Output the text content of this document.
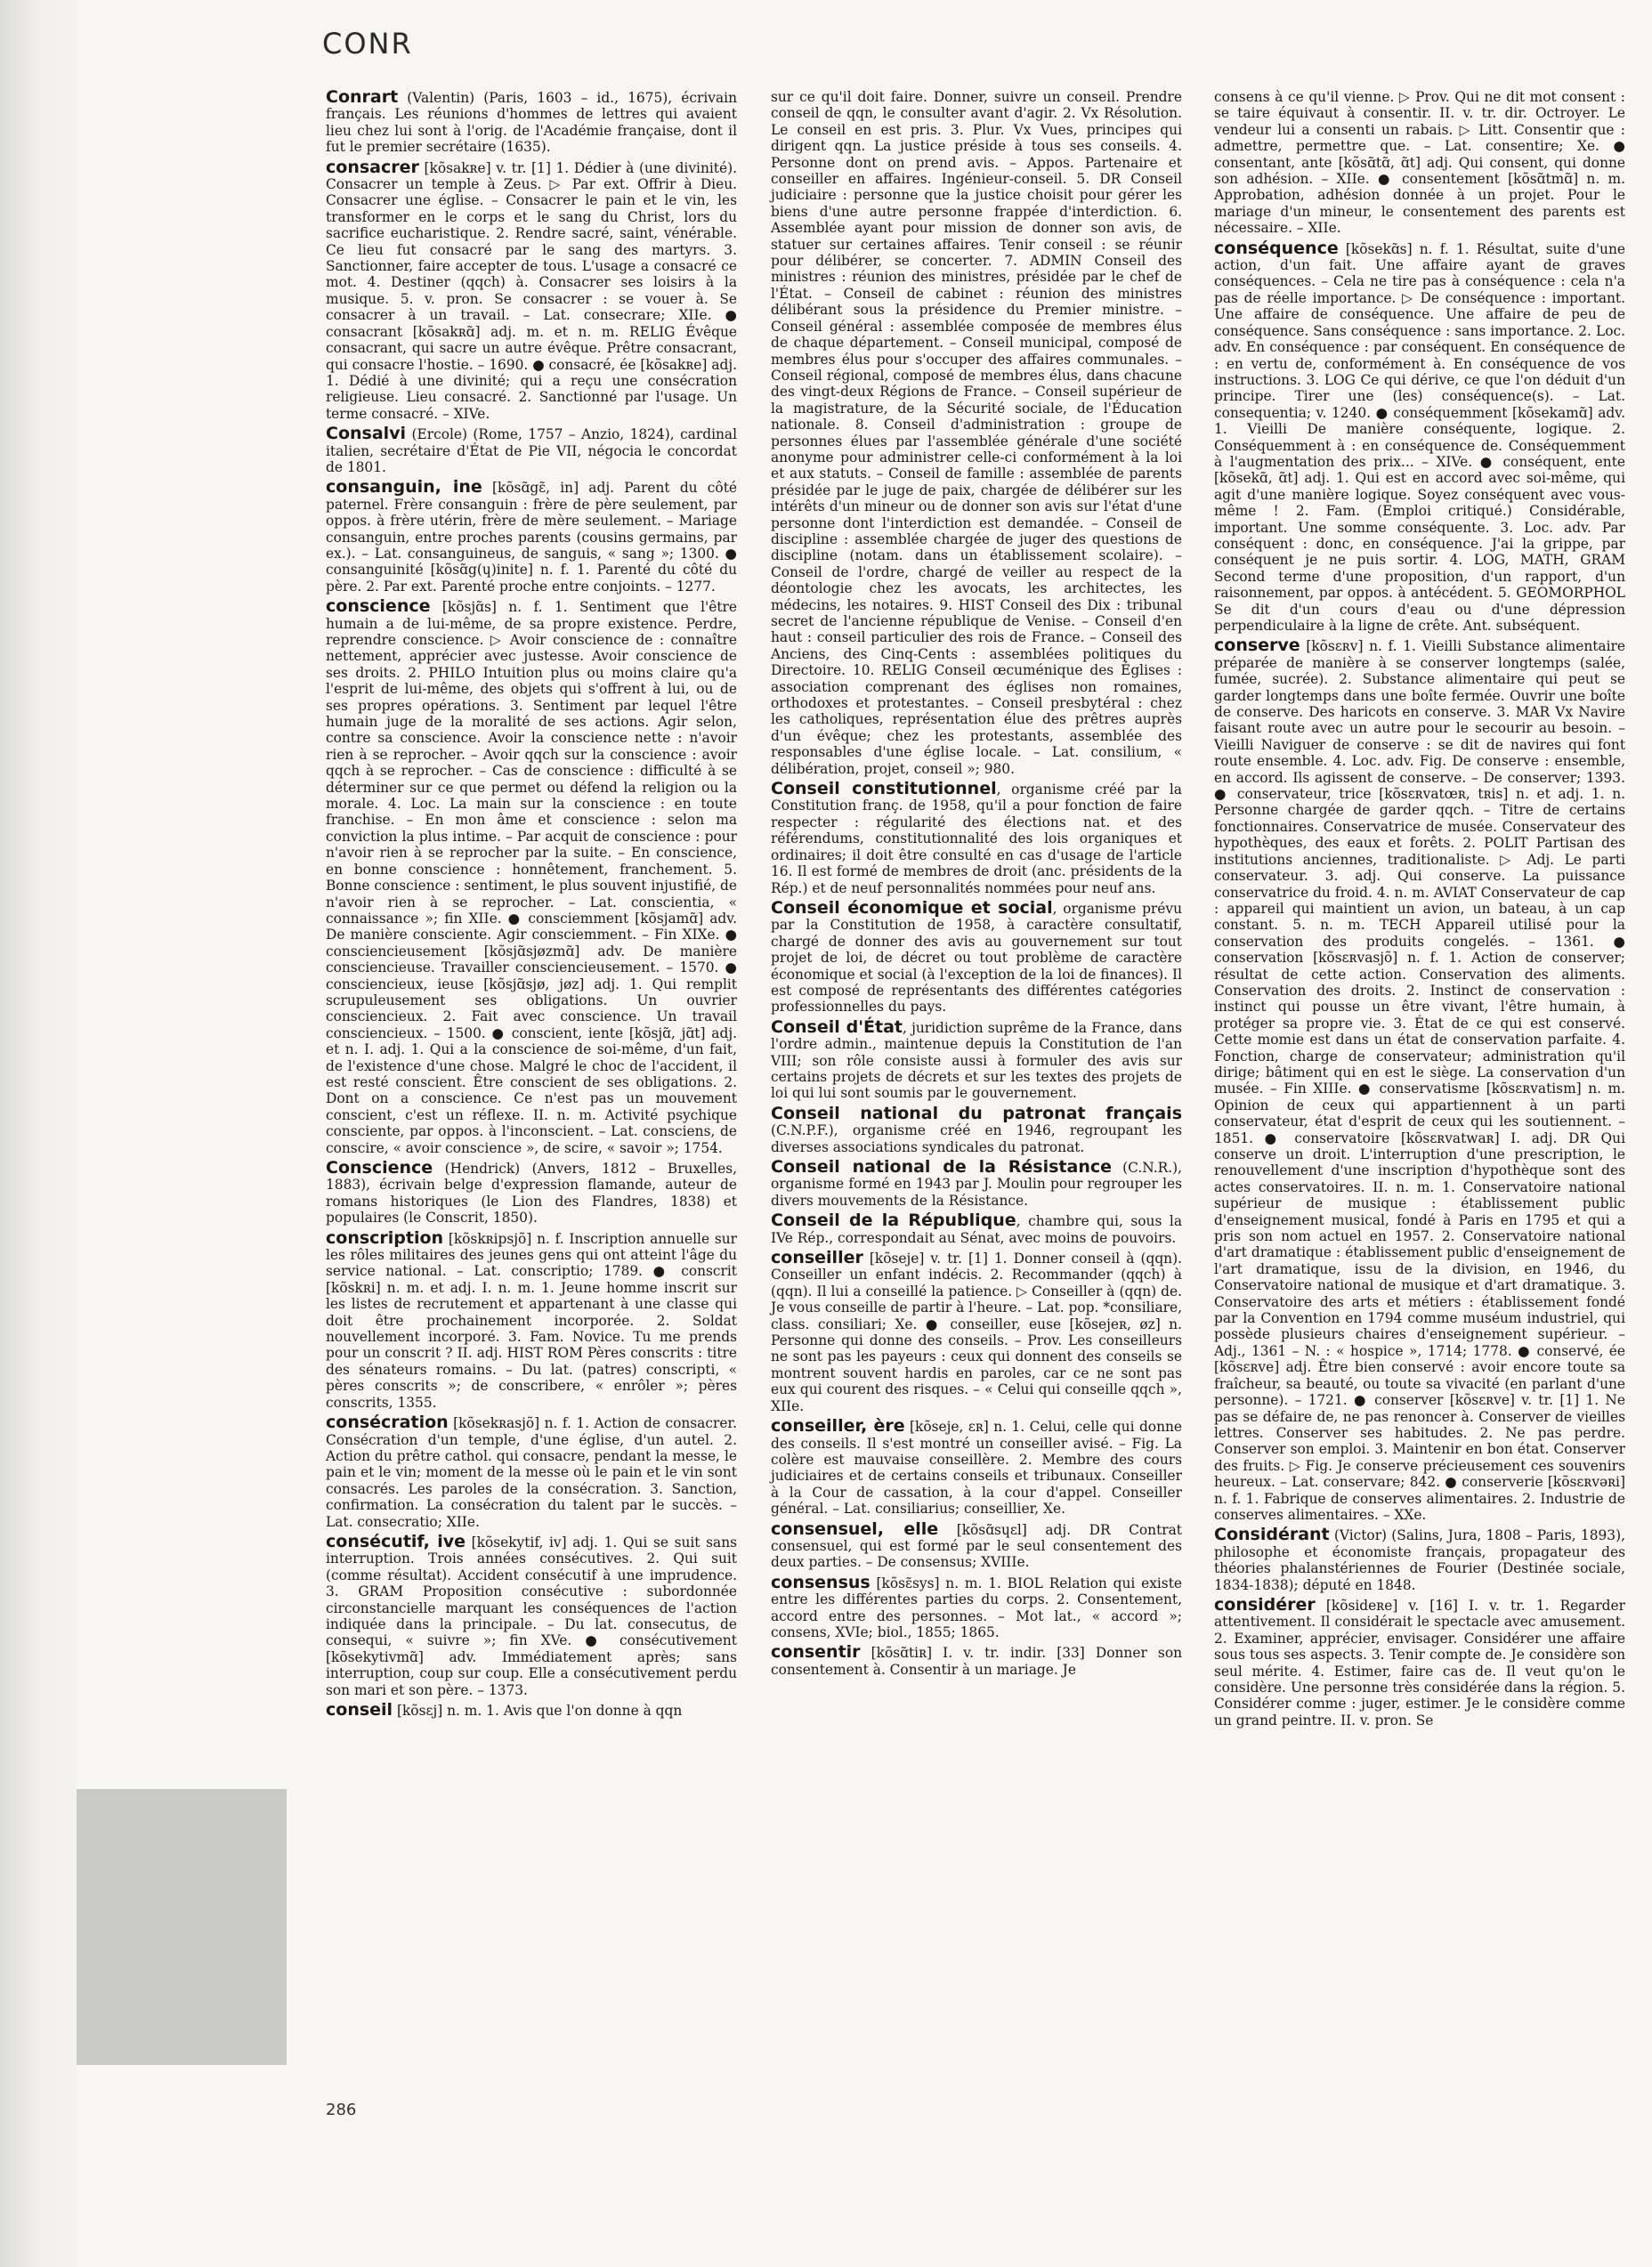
CONR
Conrart (Valentin) (Paris, 1603 – id., 1675), écrivain français. Les réunions d'hommes de lettres qui avaient lieu chez lui sont à l'orig. de l'Académie française, dont il fut le premier secrétaire (1635).
consacrer [kõsakʀe] v. tr. [1] 1. Dédier à (une divinité). Consacrer un temple à Zeus. ▷ Par ext. Offrir à Dieu. Consacrer une église. – Consacrer le pain et le vin, les transformer en le corps et le sang du Christ, lors du sacrifice eucharistique. 2. Rendre sacré, saint, vénérable. Ce lieu fut consacré par le sang des martyrs. 3. Sanctionner, faire accepter de tous. L'usage a consacré ce mot. 4. Destiner (qqch) à. Consacrer ses loisirs à la musique. 5. v. pron. Se consacrer : se vouer à. Se consacrer à un travail. – Lat. consecrare; XIIe. ● consacrant [kõsakʀɑ̃] adj. m. et n. m. RELIG Évêque consacrant, qui sacre un autre évêque. Prêtre consacrant, qui consacre l'hostie. – 1690. ● consacré, ée [kõsakʀe] adj. 1. Dédié à une divinité; qui a reçu une consécration religieuse. Lieu consacré. 2. Sanctionné par l'usage. Un terme consacré. – XIVe.
Consalvi (Ercole) (Rome, 1757 – Anzio, 1824), cardinal italien, secrétaire d'État de Pie VII, négocia le concordat de 1801.
consanguin, ine [kõsɑ̃gɛ̃, in] adj. Parent du côté paternel. Frère consanguin : frère de père seulement, par oppos. à frère utérin, frère de mère seulement. – Mariage consanguin, entre proches parents (cousins germains, par ex.). – Lat. consanguineus, de sanguis, « sang »; 1300. ● consanguinité [kõsɑ̃g(ɥ)inite] n. f. 1. Parenté du côté du père. 2. Par ext. Parenté proche entre conjoints. – 1277.
conscience [kõsjɑ̃s] n. f. 1. Sentiment que l'être humain a de lui-même, de sa propre existence. Perdre, reprendre conscience. ▷ Avoir conscience de : connaître nettement, apprécier avec justesse. Avoir conscience de ses droits. 2. PHILO Intuition plus ou moins claire qu'a l'esprit de lui-même, des objets qui s'offrent à lui, ou de ses propres opérations. 3. Sentiment par lequel l'être humain juge de la moralité de ses actions. Agir selon, contre sa conscience. Avoir la conscience nette : n'avoir rien à se reprocher. – Avoir qqch sur la conscience : avoir qqch à se reprocher. – Cas de conscience : difficulté à se déterminer sur ce que permet ou défend la religion ou la morale. 4. Loc. La main sur la conscience : en toute franchise. – En mon âme et conscience : selon ma conviction la plus intime. – Par acquit de conscience : pour n'avoir rien à se reprocher par la suite. – En conscience, en bonne conscience : honnêtement, franchement. 5. Bonne conscience : sentiment, le plus souvent injustifié, de n'avoir rien à se reprocher. – Lat. conscientia, « connaissance »; fin XIIe. ● consciemment [kõsjamɑ̃] adv. De manière consciente. Agir consciemment. – Fin XIXe. ● consciencieusement [kõsjɑ̃sjøzmɑ̃] adv. De manière consciencieuse. Travailler consciencieusement. – 1570. ● consciencieux, ieuse [kõsjɑ̃sjø, jøz] adj. 1. Qui remplit scrupuleusement ses obligations. Un ouvrier consciencieux. 2. Fait avec conscience. Un travail consciencieux. – 1500. ● conscient, iente [kõsjɑ̃, jɑ̃t] adj. et n. I. adj. 1. Qui a la conscience de soi-même, d'un fait, de l'existence d'une chose. Malgré le choc de l'accident, il est resté conscient. Être conscient de ses obligations. 2. Dont on a conscience. Ce n'est pas un mouvement conscient, c'est un réflexe. II. n. m. Activité psychique consciente, par oppos. à l'inconscient. – Lat. consciens, de conscire, « avoir conscience », de scire, « savoir »; 1754.
Conscience (Hendrick) (Anvers, 1812 – Bruxelles, 1883), écrivain belge d'expression flamande, auteur de romans historiques (le Lion des Flandres, 1838) et populaires (le Conscrit, 1850).
conscription [kõskʀipsjõ] n. f. Inscription annuelle sur les rôles militaires des jeunes gens qui ont atteint l'âge du service national. – Lat. conscriptio; 1789. ● conscrit [kõskʀi] n. m. et adj. I. n. m. 1. Jeune homme inscrit sur les listes de recrutement et appartenant à une classe qui doit être prochainement incorporée. 2. Soldat nouvellement incorporé. 3. Fam. Novice. Tu me prends pour un conscrit ? II. adj. HIST ROM Pères conscrits : titre des sénateurs romains. – Du lat. (patres) conscripti, « pères conscrits »; de conscribere, « enrôler »; pères conscrits, 1355.
consécration [kõsekʀasjõ] n. f. 1. Action de consacrer. Consécration d'un temple, d'une église, d'un autel. 2. Action du prêtre cathol. qui consacre, pendant la messe, le pain et le vin; moment de la messe où le pain et le vin sont consacrés. Les paroles de la consécration. 3. Sanction, confirmation. La consécration du talent par le succès. – Lat. consecratio; XIIe.
consécutif, ive [kõsekytif, iv] adj. 1. Qui se suit sans interruption. Trois années consécutives. 2. Qui suit (comme résultat). Accident consécutif à une imprudence. 3. GRAM Proposition consécutive : subordonnée circonstancielle marquant les conséquences de l'action indiquée dans la principale. – Du lat. consecutus, de consequi, « suivre »; fin XVe. ● consécutivement [kõsekytivmɑ̃] adv. Immédiatement après; sans interruption, coup sur coup. Elle a consécutivement perdu son mari et son père. – 1373.
conseil [kõsɛj] n. m. 1. Avis que l'on donne à qqn
sur ce qu'il doit faire. Donner, suivre un conseil. Prendre conseil de qqn, le consulter avant d'agir. 2. Vx Résolution. Le conseil en est pris. 3. Plur. Vx Vues, principes qui dirigent qqn. La justice préside à tous ses conseils. 4. Personne dont on prend avis. – Appos. Partenaire et conseiller en affaires. Ingénieur-conseil. 5. DR Conseil judiciaire : personne que la justice choisit pour gérer les biens d'une autre personne frappée d'interdiction. 6. Assemblée ayant pour mission de donner son avis, de statuer sur certaines affaires. Tenir conseil : se réunir pour délibérer, se concerter. 7. ADMIN Conseil des ministres : réunion des ministres, présidée par le chef de l'État. – Conseil de cabinet : réunion des ministres délibérant sous la présidence du Premier ministre. – Conseil général : assemblée composée de membres élus de chaque département. – Conseil municipal, composé de membres élus pour s'occuper des affaires communales. – Conseil régional, composé de membres élus, dans chacune des vingt-deux Régions de France. – Conseil supérieur de la magistrature, de la Sécurité sociale, de l'Éducation nationale. 8. Conseil d'administration : groupe de personnes élues par l'assemblée générale d'une société anonyme pour administrer celle-ci conformément à la loi et aux statuts. – Conseil de famille : assemblée de parents présidée par le juge de paix, chargée de délibérer sur les intérêts d'un mineur ou de donner son avis sur l'état d'une personne dont l'interdiction est demandée. – Conseil de discipline : assemblée chargée de juger des questions de discipline (notam. dans un établissement scolaire). – Conseil de l'ordre, chargé de veiller au respect de la déontologie chez les avocats, les architectes, les médecins, les notaires. 9. HIST Conseil des Dix : tribunal secret de l'ancienne république de Venise. – Conseil d'en haut : conseil particulier des rois de France. – Conseil des Anciens, des Cinq-Cents : assemblées politiques du Directoire. 10. RELIG Conseil œcuménique des Églises : association comprenant des églises non romaines, orthodoxes et protestantes. – Conseil presbytéral : chez les catholiques, représentation élue des prêtres auprès d'un évêque; chez les protestants, assemblée des responsables d'une église locale. – Lat. consilium, « délibération, projet, conseil »; 980.
Conseil constitutionnel, organisme créé par la Constitution franç. de 1958, qu'il a pour fonction de faire respecter : régularité des élections nat. et des référendums, constitutionnalité des lois organiques et ordinaires; il doit être consulté en cas d'usage de l'article 16. Il est formé de membres de droit (anc. présidents de la Rép.) et de neuf personnalités nommées pour neuf ans.
Conseil économique et social, organisme prévu par la Constitution de 1958, à caractère consultatif, chargé de donner des avis au gouvernement sur tout projet de loi, de décret ou tout problème de caractère économique et social (à l'exception de la loi de finances). Il est composé de représentants des différentes catégories professionnelles du pays.
Conseil d'État, juridiction suprême de la France, dans l'ordre admin., maintenue depuis la Constitution de l'an VIII; son rôle consiste aussi à formuler des avis sur certains projets de décrets et sur les textes des projets de loi qui lui sont soumis par le gouvernement.
Conseil national du patronat français (C.N.P.F.), organisme créé en 1946, regroupant les diverses associations syndicales du patronat.
Conseil national de la Résistance (C.N.R.), organisme formé en 1943 par J. Moulin pour regrouper les divers mouvements de la Résistance.
Conseil de la République, chambre qui, sous la IVe Rép., correspondait au Sénat, avec moins de pouvoirs.
conseiller [kõseje] v. tr. [1] 1. Donner conseil à (qqn). Conseiller un enfant indécis. 2. Recommander (qqch) à (qqn). Il lui a conseillé la patience. ▷ Conseiller à (qqn) de. Je vous conseille de partir à l'heure. – Lat. pop. *consiliare, class. consiliari; Xe. ● conseiller, euse [kõsejeʀ, øz] n. Personne qui donne des conseils. – Prov. Les conseilleurs ne sont pas les payeurs : ceux qui donnent des conseils se montrent souvent hardis en paroles, car ce ne sont pas eux qui courent des risques. – « Celui qui conseille qqch », XIIe.
conseiller, ère [kõseje, ɛʀ] n. 1. Celui, celle qui donne des conseils. Il s'est montré un conseiller avisé. – Fig. La colère est mauvaise conseillère. 2. Membre des cours judiciaires et de certains conseils et tribunaux. Conseiller à la Cour de cassation, à la cour d'appel. Conseiller général. – Lat. consiliarius; conseillier, Xe.
consensuel, elle [kõsɑ̃sɥɛl] adj. DR Contrat consensuel, qui est formé par le seul consentement des deux parties. – De consensus; XVIIIe.
consensus [kõsɛ̃sys] n. m. 1. BIOL Relation qui existe entre les différentes parties du corps. 2. Consentement, accord entre des personnes. – Mot lat., « accord »; consens, XVIe; biol., 1855; 1865.
consentir [kõsɑ̃tiʀ] I. v. tr. indir. [33] Donner son consentement à. Consentir à un mariage. Je
consens à ce qu'il vienne. ▷ Prov. Qui ne dit mot consent : se taire équivaut à consentir. II. v. tr. dir. Octroyer. Le vendeur lui a consenti un rabais. ▷ Litt. Consentir que : admettre, permettre que. – Lat. consentire; Xe. ● consentant, ante [kõsɑ̃tɑ̃, ɑ̃t] adj. Qui consent, qui donne son adhésion. – XIIe. ● consentement [kõsɑ̃tmɑ̃] n. m. Approbation, adhésion donnée à un projet. Pour le mariage d'un mineur, le consentement des parents est nécessaire. – XIIe.
conséquence [kõsekɑ̃s] n. f. 1. Résultat, suite d'une action, d'un fait. Une affaire ayant de graves conséquences. – Cela ne tire pas à conséquence : cela n'a pas de réelle importance. ▷ De conséquence : important. Une affaire de conséquence. Une affaire de peu de conséquence. Sans conséquence : sans importance. 2. Loc. adv. En conséquence : par conséquent. En conséquence de : en vertu de, conformément à. En conséquence de vos instructions. 3. LOG Ce qui dérive, ce que l'on déduit d'un principe. Tirer une (les) conséquence(s). – Lat. consequentia; v. 1240. ● conséquemment [kõsekamɑ̃] adv. 1. Vieilli De manière conséquente, logique. 2. Conséquemment à : en conséquence de. Conséquemment à l'augmentation des prix... – XIVe. ● conséquent, ente [kõsekɑ̃, ɑ̃t] adj. 1. Qui est en accord avec soi-même, qui agit d'une manière logique. Soyez conséquent avec vous-même ! 2. Fam. (Emploi critiqué.) Considérable, important. Une somme conséquente. 3. Loc. adv. Par conséquent : donc, en conséquence. J'ai la grippe, par conséquent je ne puis sortir. 4. LOG, MATH, GRAM Second terme d'une proposition, d'un rapport, d'un raisonnement, par oppos. à antécédent. 5. GEOMORPHOL Se dit d'un cours d'eau ou d'une dépression perpendiculaire à la ligne de crête. Ant. subséquent.
conserve [kõsɛʀv] n. f. 1. Vieilli Substance alimentaire préparée de manière à se conserver longtemps (salée, fumée, sucrée). 2. Substance alimentaire qui peut se garder longtemps dans une boîte fermée. Ouvrir une boîte de conserve. Des haricots en conserve. 3. MAR Vx Navire faisant route avec un autre pour le secourir au besoin. – Vieilli Naviguer de conserve : se dit de navires qui font route ensemble. 4. Loc. adv. Fig. De conserve : ensemble, en accord. Ils agissent de conserve. – De conserver; 1393. ● conservateur, trice [kõsɛʀvatœʀ, tʀis] n. et adj. 1. n. Personne chargée de garder qqch. – Titre de certains fonctionnaires. Conservatrice de musée. Conservateur des hypothèques, des eaux et forêts. 2. POLIT Partisan des institutions anciennes, traditionaliste. ▷ Adj. Le parti conservateur. 3. adj. Qui conserve. La puissance conservatrice du froid. 4. n. m. AVIAT Conservateur de cap : appareil qui maintient un avion, un bateau, à un cap constant. 5. n. m. TECH Appareil utilisé pour la conservation des produits congelés. – 1361. ● conservation [kõsɛʀvasjõ] n. f. 1. Action de conserver; résultat de cette action. Conservation des aliments. Conservation des droits. 2. Instinct de conservation : instinct qui pousse un être vivant, l'être humain, à protéger sa propre vie. 3. État de ce qui est conservé. Cette momie est dans un état de conservation parfaite. 4. Fonction, charge de conservateur; administration qu'il dirige; bâtiment qui en est le siège. La conservation d'un musée. – Fin XIIIe. ● conservatisme [kõsɛʀvatism] n. m. Opinion de ceux qui appartiennent à un parti conservateur, état d'esprit de ceux qui les soutiennent. – 1851. ● conservatoire [kõsɛʀvatwaʀ] I. adj. DR Qui conserve un droit. L'interruption d'une prescription, le renouvellement d'une inscription d'hypothèque sont des actes conservatoires. II. n. m. 1. Conservatoire national supérieur de musique : établissement public d'enseignement musical, fondé à Paris en 1795 et qui a pris son nom actuel en 1957. 2. Conservatoire national d'art dramatique : établissement public d'enseignement de l'art dramatique, issu de la division, en 1946, du Conservatoire national de musique et d'art dramatique. 3. Conservatoire des arts et métiers : établissement fondé par la Convention en 1794 comme muséum industriel, qui possède plusieurs chaires d'enseignement supérieur. – Adj., 1361 – N. : « hospice », 1714; 1778. ● conservé, ée [kõsɛʀve] adj. Être bien conservé : avoir encore toute sa fraîcheur, sa beauté, ou toute sa vivacité (en parlant d'une personne). – 1721. ● conserver [kõsɛʀve] v. tr. [1] 1. Ne pas se défaire de, ne pas renoncer à. Conserver de vieilles lettres. Conserver ses habitudes. 2. Ne pas perdre. Conserver son emploi. 3. Maintenir en bon état. Conserver des fruits. ▷ Fig. Je conserve précieusement ces souvenirs heureux. – Lat. conservare; 842. ● conserverie [kõsɛʀvəʀi] n. f. 1. Fabrique de conserves alimentaires. 2. Industrie de conserves alimentaires. – XXe.
Considérant (Victor) (Salins, Jura, 1808 – Paris, 1893), philosophe et économiste français, propagateur des théories phalanstériennes de Fourier (Destinée sociale, 1834-1838); député en 1848.
considérer [kõsideʀe] v. [16] I. v. tr. 1. Regarder attentivement. Il considérait le spectacle avec amusement. 2. Examiner, apprécier, envisager. Considérer une affaire sous tous ses aspects. 3. Tenir compte de. Je considère son seul mérite. 4. Estimer, faire cas de. Il veut qu'on le considère. Une personne très considérée dans la région. 5. Considérer comme : juger, estimer. Je le considère comme un grand peintre. II. v. pron. Se
286
